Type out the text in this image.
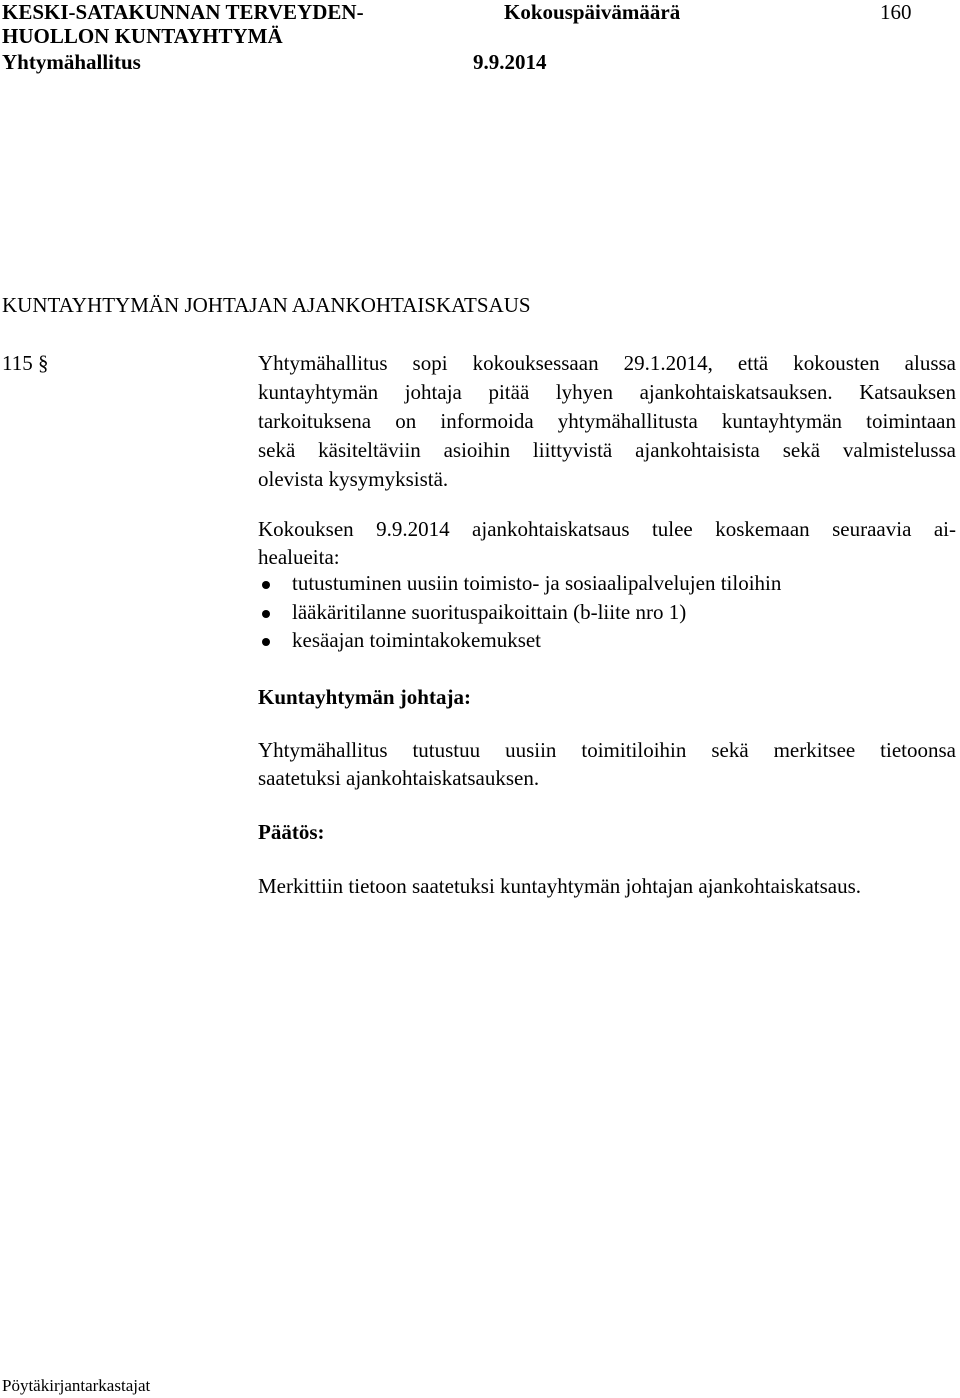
KESKI-SATAKUNNAN TERVEYDEN-
HUOLLON KUNTAYHTYMÄ
Yhtymähallitus
Kokouspäivämäärä
9.9.2014
160
KUNTAYHTYMÄN JOHTAJAN AJANKOHTAISKATSAUS
115 §	Yhtymähallitus sopi kokouksessaan 29.1.2014, että kokousten alussa
kuntayhtymän johtaja pitää lyhyen ajankohtaiskatsauksen. Katsauksen
tarkoituksena on informoida yhtymähallitusta kuntayhtymän toimintaan
sekä käsiteltäviin asioihin liittyvistä ajankohtaisista sekä valmistelussa
olevista kysymyksistä.
Kokouksen 9.9.2014 ajankohtaiskatsaus tulee koskemaan seuraavia ai-
healueita:
tutustuminen uusiin toimisto- ja sosiaalipalvelujen tiloihin
lääkäritilanne suorituspaikoittain (b-liite nro 1)
kesäajan toimintakokemukset
Kuntayhtymän johtaja:
Yhtymähallitus tutustuu uusiin toimitiloihin sekä merkitsee tietoonsa
saatetuksi ajankohtaiskatsauksen.
Päätös:
Merkittiin tietoon saatetuksi kuntayhtymän johtajan ajankohtaiskatsaus.
Pöytäkirjantarkastajat
